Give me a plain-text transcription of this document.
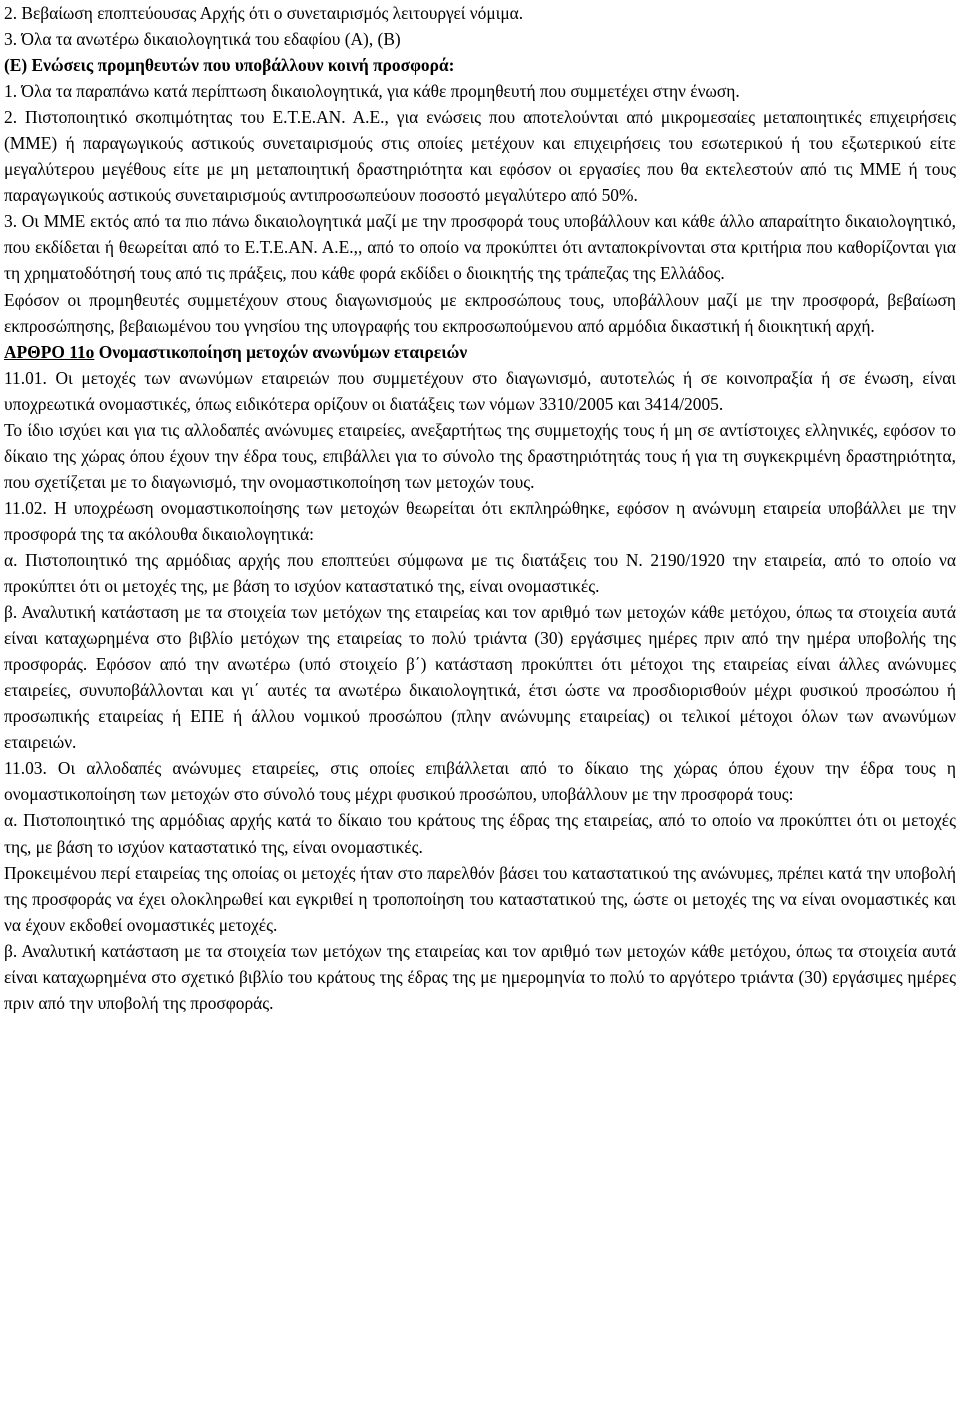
2. Βεβαίωση εποπτεύουσας Αρχής ότι ο συνεταιρισμός λειτουργεί νόμιμα.

3. Όλα τα ανωτέρω δικαιολογητικά του εδαφίου (Α), (Β)

(Ε) Ενώσεις προμηθευτών που υποβάλλουν κοινή προσφορά:

1. Όλα τα παραπάνω κατά περίπτωση δικαιολογητικά, για κάθε προμηθευτή που συμμετέχει στην ένωση.

2. Πιστοποιητικό σκοπιμότητας του Ε.Τ.Ε.ΑΝ. Α.Ε., για ενώσεις που αποτελούνται από μικρομεσαίες μεταποιητικές επιχειρήσεις (ΜΜΕ) ή παραγωγικούς αστικούς συνεταιρισμούς στις οποίες μετέχουν και επιχειρήσεις του εσωτερικού ή του εξωτερικού είτε μεγαλύτερου μεγέθους είτε με μη μεταποιητική δραστηριότητα και εφόσον οι εργασίες που θα εκτελεστούν από τις ΜΜΕ ή τους παραγωγικούς αστικούς συνεταιρισμούς αντιπροσωπεύουν ποσοστό μεγαλύτερο από 50%.

3. Οι ΜΜΕ εκτός από τα πιο πάνω δικαιολογητικά μαζί με την προσφορά τους υποβάλλουν και κάθε άλλο απαραίτητο δικαιολογητικό, που εκδίδεται ή θεωρείται από το Ε.Τ.Ε.ΑΝ. Α.Ε.,, από το οποίο να προκύπτει ότι ανταποκρίνονται στα κριτήρια που καθορίζονται για τη χρηματοδότησή τους από τις πράξεις, που κάθε φορά εκδίδει ο διοικητής της τράπεζας της Ελλάδος.

Εφόσον οι προμηθευτές συμμετέχουν στους διαγωνισμούς με εκπροσώπους τους, υποβάλλουν μαζί με την προσφορά, βεβαίωση εκπροσώπησης, βεβαιωμένου του γνησίου της υπογραφής του εκπροσωπούμενου από αρμόδια δικαστική ή διοικητική αρχή.

ΑΡΘΡΟ 11ο Ονομαστικοποίηση μετοχών ανωνύμων εταιρειών

11.01. Οι μετοχές των ανωνύμων εταιρειών που συμμετέχουν στο διαγωνισμό, αυτοτελώς ή σε κοινοπραξία ή σε ένωση, είναι υποχρεωτικά ονομαστικές, όπως ειδικότερα ορίζουν οι διατάξεις των νόμων 3310/2005 και 3414/2005.

Το ίδιο ισχύει και για τις αλλοδαπές ανώνυμες εταιρείες, ανεξαρτήτως της συμμετοχής τους ή μη σε αντίστοιχες ελληνικές, εφόσον το δίκαιο της χώρας όπου έχουν την έδρα τους, επιβάλλει για το σύνολο της δραστηριότητάς τους ή για τη συγκεκριμένη δραστηριότητα, που σχετίζεται με το διαγωνισμό, την ονομαστικοποίηση των μετοχών τους.

11.02. Η υποχρέωση ονομαστικοποίησης των μετοχών θεωρείται ότι εκπληρώθηκε, εφόσον η ανώνυμη εταιρεία υποβάλλει με την προσφορά της τα ακόλουθα δικαιολογητικά:

α. Πιστοποιητικό της αρμόδιας αρχής που εποπτεύει σύμφωνα με τις διατάξεις του Ν. 2190/1920 την εταιρεία, από το οποίο να προκύπτει ότι οι μετοχές της, με βάση το ισχύον καταστατικό της, είναι ονομαστικές.

β. Αναλυτική κατάσταση με τα στοιχεία των μετόχων της εταιρείας και τον αριθμό των μετοχών κάθε μετόχου, όπως τα στοιχεία αυτά είναι καταχωρημένα στο βιβλίο μετόχων της εταιρείας το πολύ τριάντα (30) εργάσιμες ημέρες πριν από την ημέρα υποβολής της προσφοράς. Εφόσον από την ανωτέρω (υπό στοιχείο β΄) κατάσταση προκύπτει ότι μέτοχοι της εταιρείας είναι άλλες ανώνυμες εταιρείες, συνυποβάλλονται και γι΄ αυτές τα ανωτέρω δικαιολογητικά, έτσι ώστε να προσδιορισθούν μέχρι φυσικού προσώπου ή προσωπικής εταιρείας ή ΕΠΕ ή άλλου νομικού προσώπου (πλην ανώνυμης εταιρείας) οι τελικοί μέτοχοι όλων των ανωνύμων εταιρειών.

11.03. Οι αλλοδαπές ανώνυμες εταιρείες, στις οποίες επιβάλλεται από το δίκαιο της χώρας όπου έχουν την έδρα τους η ονομαστικοποίηση των μετοχών στο σύνολό τους μέχρι φυσικού προσώπου, υποβάλλουν με την προσφορά τους:

α. Πιστοποιητικό της αρμόδιας αρχής κατά το δίκαιο του κράτους της έδρας της εταιρείας, από το οποίο να προκύπτει ότι οι μετοχές της, με βάση το ισχύον καταστατικό της, είναι ονομαστικές.

Προκειμένου περί εταιρείας της οποίας οι μετοχές ήταν στο παρελθόν βάσει του καταστατικού της ανώνυμες, πρέπει κατά την υποβολή της προσφοράς να έχει ολοκληρωθεί και εγκριθεί η τροποποίηση του καταστατικού της, ώστε οι μετοχές της να είναι ονομαστικές και να έχουν εκδοθεί ονομαστικές μετοχές.

β. Αναλυτική κατάσταση με τα στοιχεία των μετόχων της εταιρείας και τον αριθμό των μετοχών κάθε μετόχου, όπως τα στοιχεία αυτά είναι καταχωρημένα στο σχετικό βιβλίο του κράτους της έδρας της με ημερομηνία το πολύ το αργότερο τριάντα (30) εργάσιμες ημέρες πριν από την υποβολή της προσφοράς.
